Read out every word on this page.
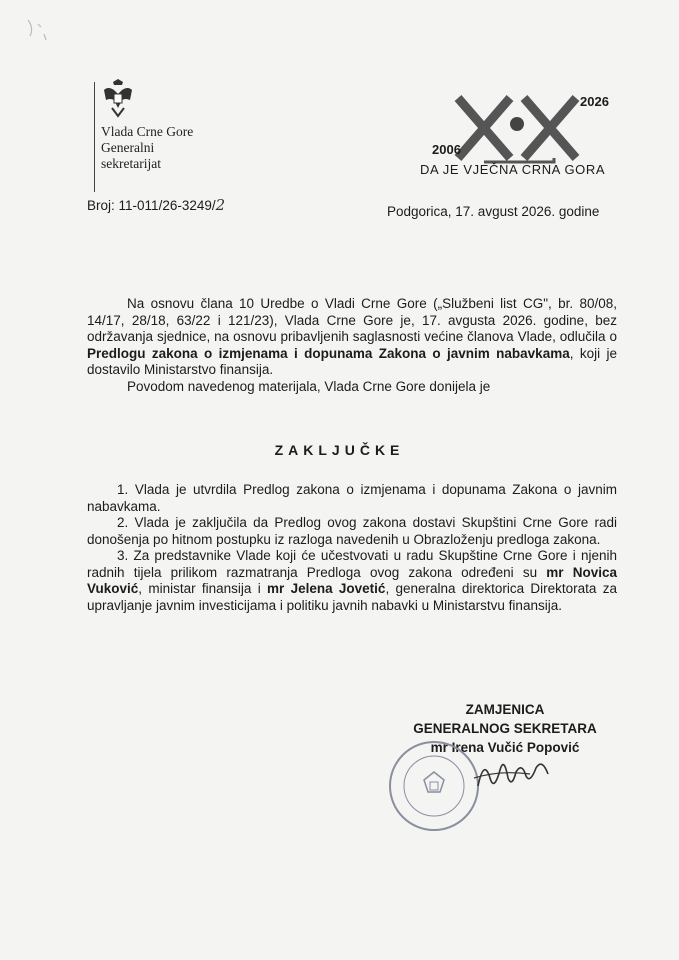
Vlada Crne Gore
Generalni
sekretarijat
2026
2006
DA JE VJEČNA CRNA GORA
Broj: 11-011/26-3249/2	Podgorica, 17. avgust 2026. godine

Na osnovu člana 10 Uredbe o Vladi Crne Gore („Službeni list CG", br. 80/08, 14/17, 28/18, 63/22 i 121/23), Vlada Crne Gore je, 17. avgusta 2026. godine, bez održavanja sjednice, na osnovu pribavljenih saglasnosti većine članova Vlade, odlučila o Predlogu zakona o izmjenama i dopunama Zakona o javnim nabavkama, koji je dostavilo Ministarstvo finansija.

Povodom navedenog materijala, Vlada Crne Gore donijela je

ZAKLJUČKE

1. Vlada je utvrdila Predlog zakona o izmjenama i dopunama Zakona o javnim nabavkama.

2. Vlada je zaključila da Predlog ovog zakona dostavi Skupštini Crne Gore radi donošenja po hitnom postupku iz razloga navedenih u Obrazloženju predloga zakona.

3. Za predstavnike Vlade koji će učestvovati u radu Skupštine Crne Gore i njenih radnih tijela prilikom razmatranja Predloga ovog zakona određeni su mr Novica Vuković, ministar finansija i mr Jelena Jovetić, generalna direktorica Direktorata za upravljanje javnim investicijama i politiku javnih nabavki u Ministarstvu finansija.

ZAMJENICA
GENERALNOG SEKRETARA
mr Irena Vučić Popović
